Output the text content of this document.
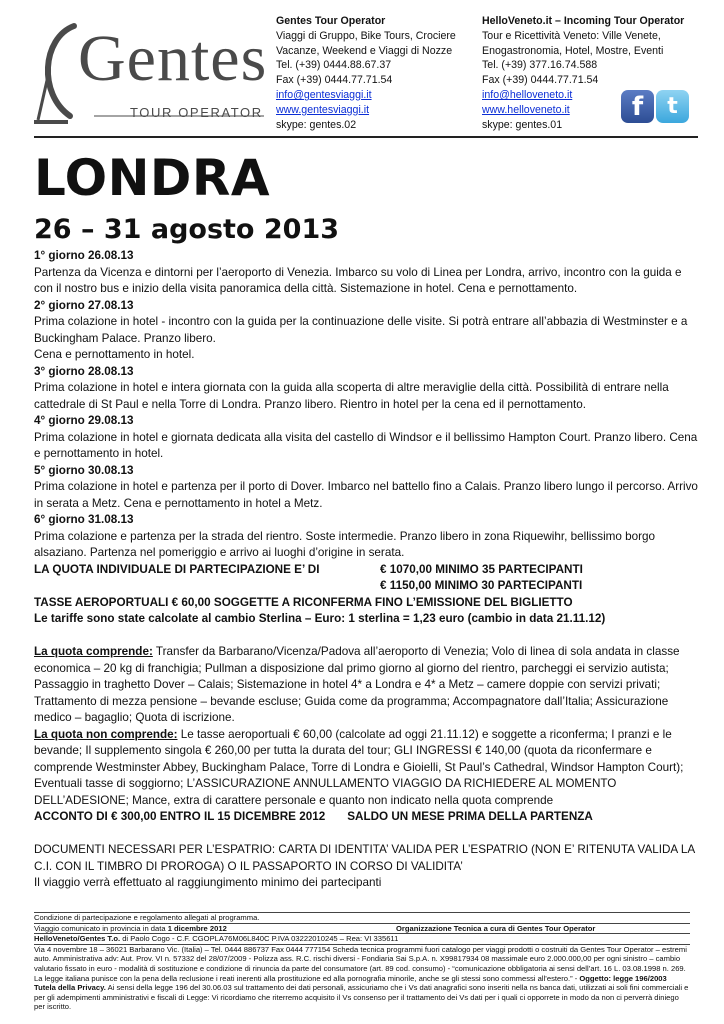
Gentes
TOUR OPERATOR
Gentes Tour Operator
Viaggi di Gruppo, Bike Tours, Crociere
Vacanze, Weekend e Viaggi di Nozze
Tel. (+39) 0444.88.67.37
Fax (+39) 0444.77.71.54
info@gentesviaggi.it
www.gentesviaggi.it
skype: gentes.02
HelloVeneto.it – Incoming Tour Operator
Tour e Ricettività Veneto: Ville Venete,
Enogastronomia, Hotel, Mostre, Eventi
Tel. (+39) 377.16.74.588
Fax (+39) 0444.77.71.54
info@helloveneto.it
www.helloveneto.it
skype: gentes.01
f	t
LONDRA
26 – 31 agosto 2013

1° giorno 26.08.13

Partenza da Vicenza e dintorni per l’aeroporto di Venezia. Imbarco su volo di Linea per Londra, arrivo, incontro con la guida e con il nostro bus e inizio della visita panoramica della città. Sistemazione in hotel. Cena e pernottamento.

2° giorno 27.08.13

Prima colazione in hotel - incontro con la guida per la continuazione delle visite. Si potrà entrare all’abbazia di Westminster e a Buckingham Palace. Pranzo libero.

Cena e pernottamento in hotel.

3° giorno 28.08.13

Prima colazione in hotel e intera giornata con la guida alla scoperta di altre meraviglie della città. Possibilità di entrare nella cattedrale di St Paul e nella Torre di Londra. Pranzo libero. Rientro in hotel per la cena ed il pernottamento.

4° giorno 29.08.13

Prima colazione in hotel e giornata dedicata alla visita del castello di Windsor e il bellissimo Hampton Court. Pranzo libero. Cena e pernottamento in hotel.

5° giorno 30.08.13

Prima colazione in hotel e partenza per il porto di Dover. Imbarco nel battello fino a Calais. Pranzo libero lungo il percorso. Arrivo in serata a Metz. Cena e pernottamento in hotel a Metz.

6° giorno 31.08.13

Prima colazione e partenza per la strada del rientro. Soste intermedie. Pranzo libero in zona Riquewihr, bellissimo borgo alsaziano. Partenza nel pomeriggio e arrivo ai luoghi d’origine in serata.

LA QUOTA INDIVIDUALE DI PARTECIPAZIONE E’ DI	€ 1070,00 MINIMO 35 PARTECIPANTI
€ 1150,00 MINIMO 30 PARTECIPANTI

TASSE AEROPORTUALI € 60,00 SOGGETTE A RICONFERMA FINO L’EMISSIONE DEL BIGLIETTO

Le tariffe sono state calcolate al cambio Sterlina – Euro: 1 sterlina = 1,23 euro (cambio in data 21.11.12)

La quota comprende: Transfer da Barbarano/Vicenza/Padova all’aeroporto di Venezia; Volo di linea di sola andata in classe economica – 20 kg di franchigia; Pullman a disposizione dal primo giorno al giorno del rientro, parcheggi ei servizio autista; Passaggio in traghetto Dover – Calais; Sistemazione in hotel 4* a Londra e 4* a Metz – camere doppie con servizi privati; Trattamento di mezza pensione – bevande escluse; Guida come da programma; Accompagnatore dall’Italia; Assicurazione medico – bagaglio; Quota di iscrizione.

La quota non comprende: Le tasse aeroportuali € 60,00 (calcolate ad oggi 21.11.12) e soggette a riconferma; I pranzi e le bevande; Il supplemento singola € 260,00 per tutta la durata del tour; GLI INGRESSI € 140,00 (quota da riconfermare e comprende Westminster Abbey, Buckingham Palace, Torre di Londra e Gioielli, St Paul’s Cathedral, Windsor Hampton Court); Eventuali tasse di soggiorno; L’ASSICURAZIONE ANNULLAMENTO VIAGGIO DA RICHIEDERE AL MOMENTO DELL’ADESIONE; Mance, extra di carattere personale e quanto non indicato nella quota comprende

ACCONTO DI € 300,00 ENTRO IL 15 DICEMBRE 2012 SALDO UN MESE PRIMA DELLA PARTENZA

DOCUMENTI NECESSARI PER L’ESPATRIO: CARTA DI IDENTITA’ VALIDA PER L’ESPATRIO (NON E’ RITENUTA VALIDA LA C.I. CON IL TIMBRO DI PROROGA) O IL PASSAPORTO IN CORSO DI VALIDITA’

Il viaggio verrà effettuato al raggiungimento minimo dei partecipanti

Condizione di partecipazione e regolamento allegati al programma.
Viaggio comunicato in provincia in data 1 dicembre 2012	Organizzazione Tecnica a cura di Gentes Tour Operator
HelloVeneto/Gentes T.o. di Paolo Cogo - C.F. CGOPLA76M06L840C P.IVA 03222010245 – Rea: VI 335611
Via 4 novembre 18 – 36021 Barbarano Vic. (Italia) – Tel. 0444 886737 Fax 0444 777154 Scheda tecnica programmi fuori catalogo per viaggi prodotti o costruiti da Gentes Tour Operator – estremi auto. Amministrativa adv: Aut. Prov. VI n. 57332 del 28/07/2009 - Polizza ass. R.C. rischi diversi - Fondiaria Sai S.p.A. n. X99817934 08 massimale euro 2.000.000,00 per ogni sinistro – cambio valutario fissato in euro - modalità di sostituzione e condizione di rinuncia da parte del consumatore (art. 89 cod. consumo) - “comunicazione obbligatoria ai sensi dell’art. 16 L. 03.08.1998 n. 269. La legge italiana punisce con la pena della reclusione i reati inerenti alla prostituzione ed alla pornografia minorile, anche se gli stessi sono commessi all’estero.” - Oggetto: legge 196/2003 Tutela della Privacy. Ai sensi della legge 196 del 30.06.03 sul trattamento dei dati personali, assicuriamo che i Vs dati anagrafici sono inseriti nella ns banca dati, utilizzati ai soli fini commerciali e per gli adempimenti amministrativi e fiscali di Legge: Vi ricordiamo che riterremo acquisito il Vs consenso per il trattamento dei Vs dati per i quali ci opporrete in modo da non ci perverrà diniego per iscritto.
